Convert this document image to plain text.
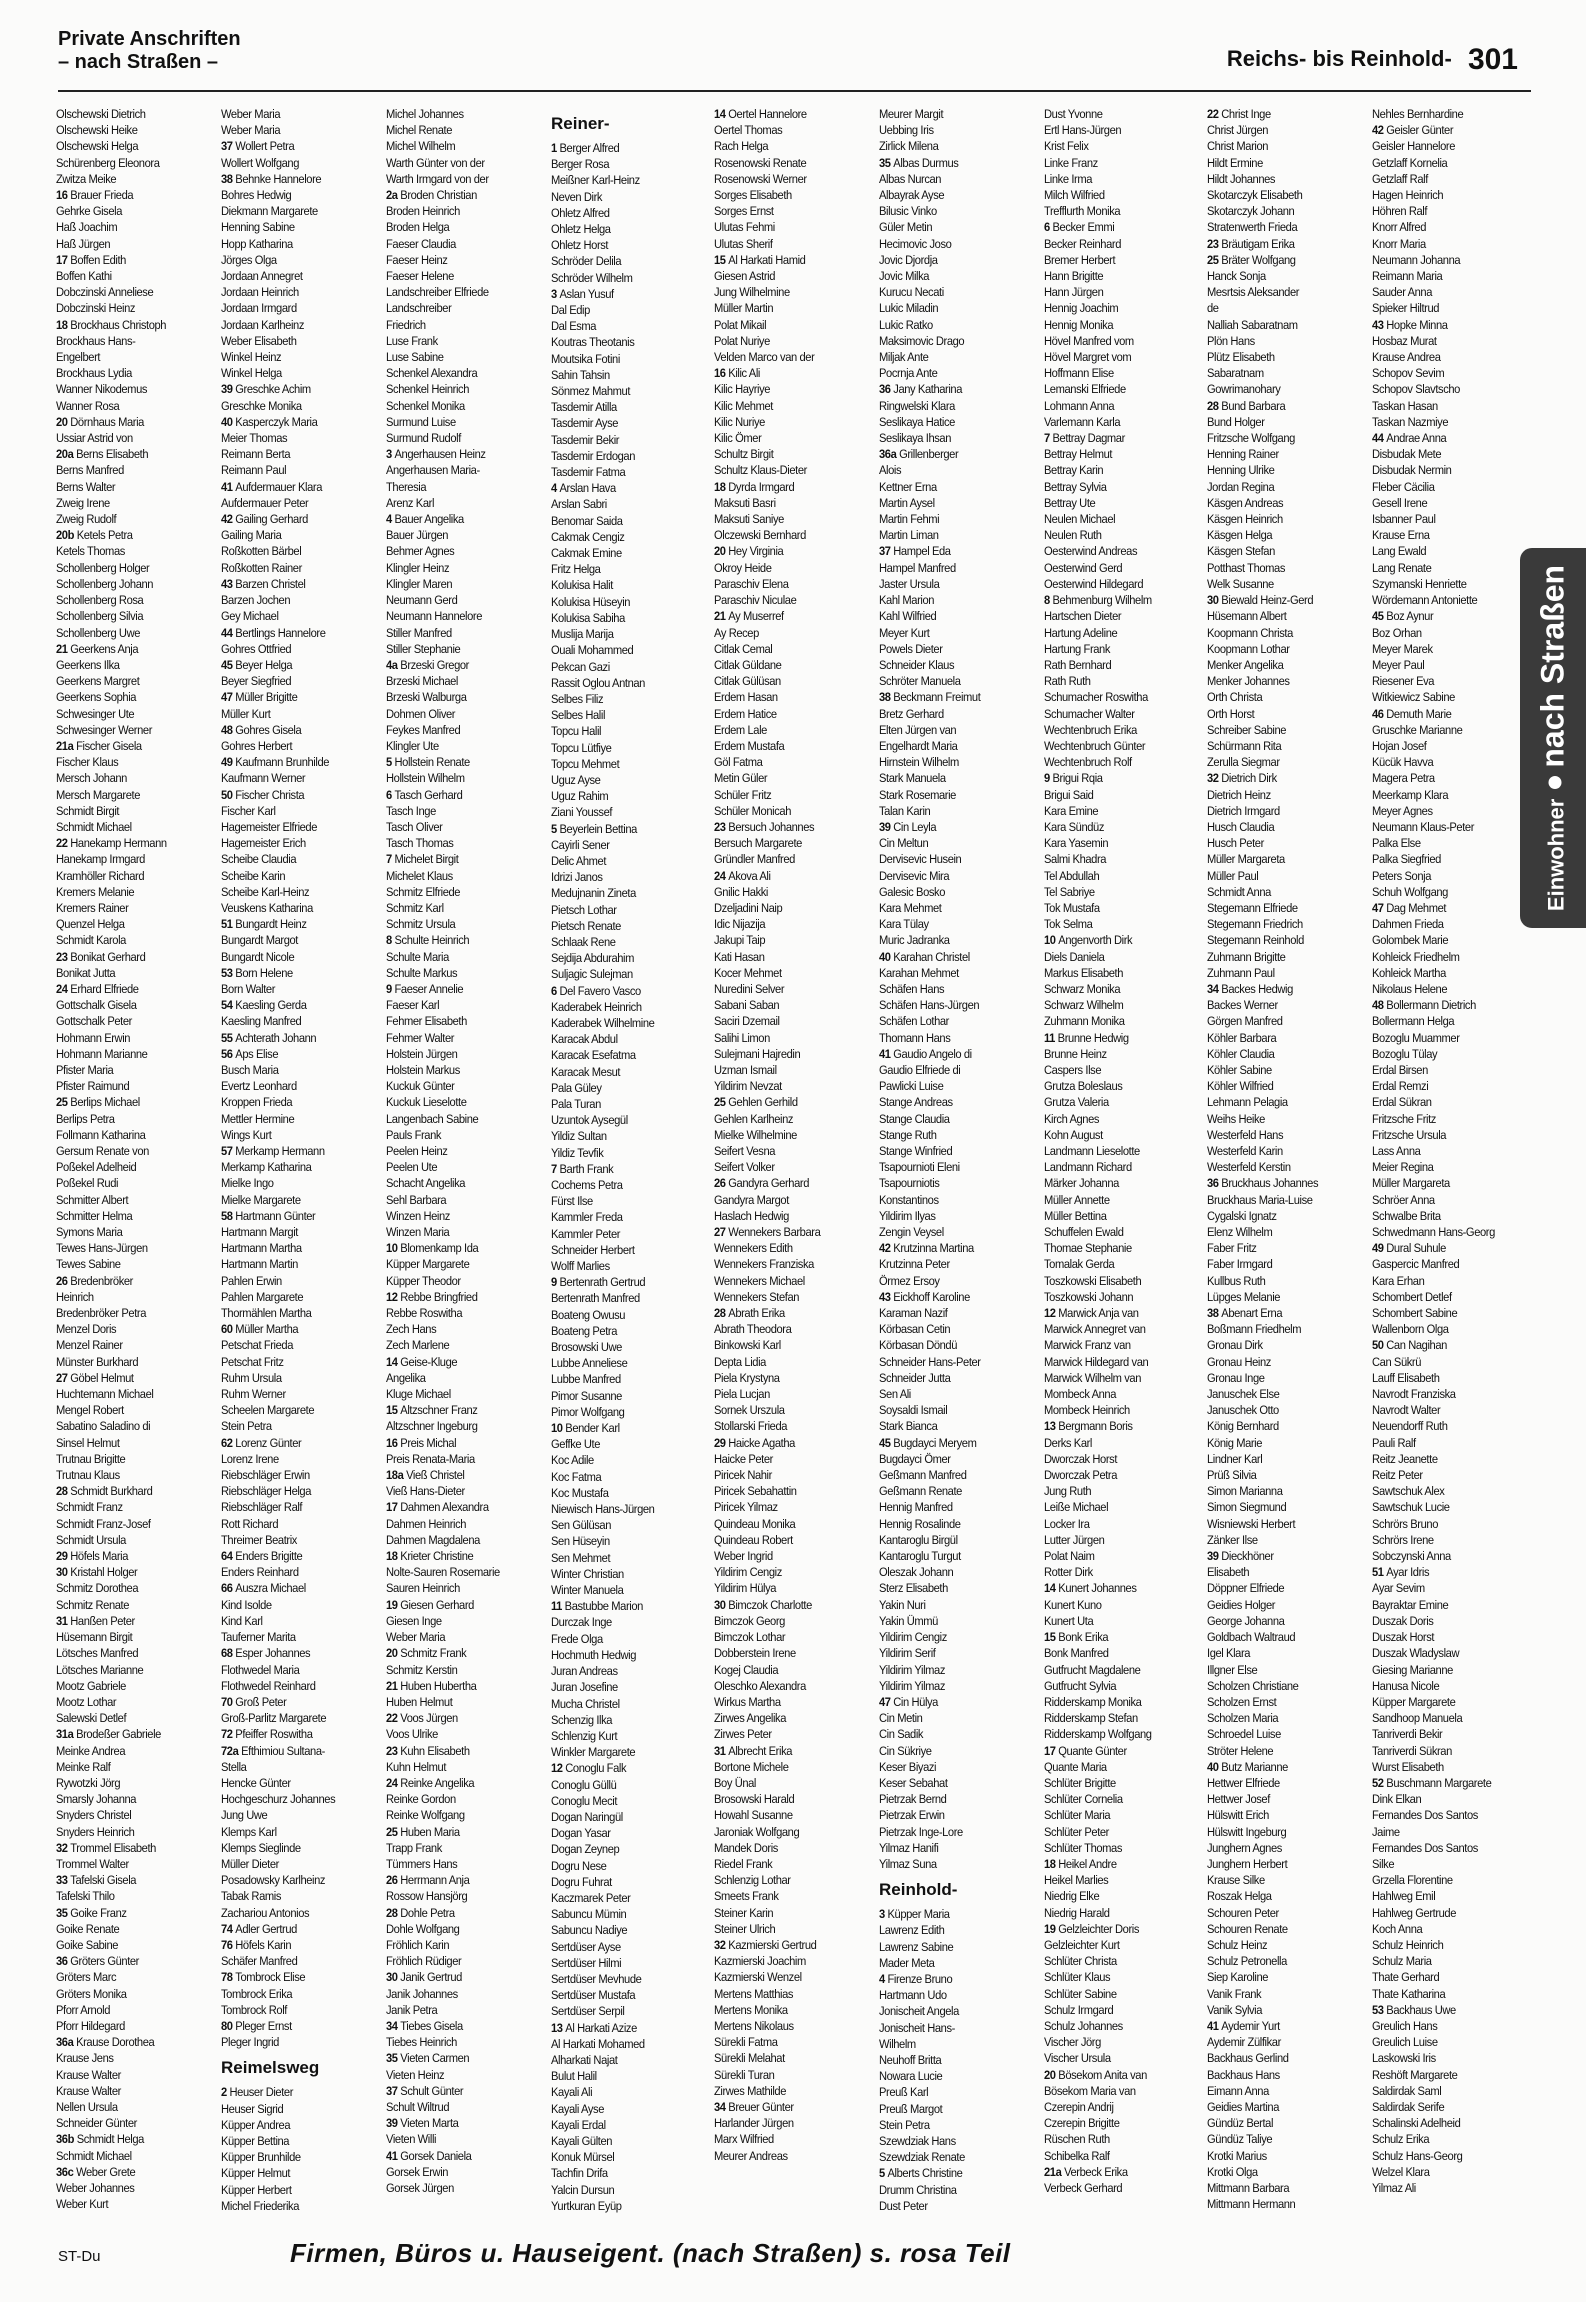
Private Anschriften
– nach Straßen –	Reichs- bis Reinhold- 301
Olschewski Dietrich
Olschewski Heike
Olschewski Helga
Schürenberg Eleonora
Zwitza Meike
16 Brauer Frieda
Gehrke Gisela
Haß Joachim
Haß Jürgen
17 Boffen Edith
Boffen Kathi
Dobczinski Anneliese
Dobczinski Heinz
18 Brockhaus Christoph
Brockhaus Hans-
Engelbert
Brockhaus Lydia
Wanner Nikodemus
Wanner Rosa
20 Dörnhaus Maria
Ussiar Astrid von
20a Berns Elisabeth
Berns Manfred
Berns Walter
Zweig Irene
Zweig Rudolf
20b Ketels Petra
Ketels Thomas
Schollenberg Holger
Schollenberg Johann
Schollenberg Rosa
Schollenberg Silvia
Schollenberg Uwe
21 Geerkens Anja
Geerkens Ilka
Geerkens Margret
Geerkens Sophia
Schwesinger Ute
Schwesinger Werner
21a Fischer Gisela
Fischer Klaus
Mersch Johann
Mersch Margarete
Schmidt Birgit
Schmidt Michael
22 Hanekamp Hermann
Hanekamp Irmgard
Kramhöller Richard
Kremers Melanie
Kremers Rainer
Quenzel Helga
Schmidt Karola
23 Bonikat Gerhard
Bonikat Jutta
24 Erhard Elfriede
Gottschalk Gisela
Gottschalk Peter
Hohmann Erwin
Hohmann Marianne
Pfister Maria
Pfister Raimund
25 Berlips Michael
Berlips Petra
Follmann Katharina
Gersum Renate von
Poßekel Adelheid
Poßekel Rudi
Schmitter Albert
Schmitter Helma
Symons Maria
Tewes Hans-Jürgen
Tewes Sabine
26 Bredenbröker
Heinrich
Bredenbröker Petra
Menzel Doris
Menzel Rainer
Münster Burkhard
27 Göbel Helmut
Huchtemann Michael
Mengel Robert
Sabatino Saladino di
Sinsel Helmut
Trutnau Brigitte
Trutnau Klaus
28 Schmidt Burkhard
Schmidt Franz
Schmidt Franz-Josef
Schmidt Ursula
29 Höfels Maria
30 Kristahl Holger
Schmitz Dorothea
Schmitz Renate
31 Hanßen Peter
Hüsemann Birgit
Lötsches Manfred
Lötsches Marianne
Mootz Gabriele
Mootz Lothar
Salewski Detlef
31a Brodeßer Gabriele
Meinke Andrea
Meinke Ralf
Rywotzki Jörg
Smarsly Johanna
Snyders Christel
Snyders Heinrich
32 Trommel Elisabeth
Trommel Walter
33 Tafelski Gisela
Tafelski Thilo
35 Goike Franz
Goike Renate
Goike Sabine
36 Gröters Günter
Gröters Marc
Gröters Monika
Pforr Arnold
Pforr Hildegard
36a Krause Dorothea
Krause Jens
Krause Walter
Krause Walter
Nellen Ursula
Schneider Günter
36b Schmidt Helga
Schmidt Michael
36c Weber Grete
Weber Johannes
Weber Kurt
Weber Maria
Weber Maria
37 Wollert Petra
Wollert Wolfgang
38 Behnke Hannelore
Bohres Hedwig
Diekmann Margarete
Henning Sabine
Hopp Katharina
Jörges Olga
Jordaan Annegret
Jordaan Heinrich
Jordaan Irmgard
Jordaan Karlheinz
Weber Elisabeth
Winkel Heinz
Winkel Helga
39 Greschke Achim
Greschke Monika
40 Kasperczyk Maria
Meier Thomas
Reimann Berta
Reimann Paul
41 Aufdermauer Klara
Aufdermauer Peter
42 Gailing Gerhard
Gailing Maria
Roßkotten Bärbel
Roßkotten Rainer
43 Barzen Christel
Barzen Jochen
Gey Michael
44 Bertlings Hannelore
Gohres Ottfried
45 Beyer Helga
Beyer Siegfried
47 Müller Brigitte
Müller Kurt
48 Gohres Gisela
Gohres Herbert
49 Kaufmann Brunhilde
Kaufmann Werner
50 Fischer Christa
Fischer Karl
Hagemeister Elfriede
Hagemeister Erich
Scheibe Claudia
Scheibe Karin
Scheibe Karl-Heinz
Veuskens Katharina
51 Bungardt Heinz
Bungardt Margot
Bungardt Nicole
53 Born Helene
Born Walter
54 Kaesling Gerda
Kaesling Manfred
55 Achterath Johann
56 Aps Elise
Busch Maria
Evertz Leonhard
Kroppen Frieda
Mettler Hermine
Wings Kurt
57 Merkamp Hermann
Merkamp Katharina
Mielke Ingo
Mielke Margarete
58 Hartmann Günter
Hartmann Margit
Hartmann Martha
Hartmann Martin
Pahlen Erwin
Pahlen Margarete
Thormählen Martha
60 Müller Martha
Petschat Frieda
Petschat Fritz
Ruhm Ursula
Ruhm Werner
Scheelen Margarete
Stein Petra
62 Lorenz Günter
Lorenz Irene
Riebschläger Erwin
Riebschläger Helga
Riebschläger Ralf
Rott Richard
Threimer Beatrix
64 Enders Brigitte
Enders Reinhard
66 Auszra Michael
Kind Isolde
Kind Karl
Tauferner Marita
68 Esper Johannes
Flothwedel Maria
Flothwedel Reinhard
70 Groß Peter
Groß-Parlitz Margarete
72 Pfeiffer Roswitha
72a Efthimiou Sultana-
Stella
Hencke Günter
Hochgeschurz Johannes
Jung Uwe
Klemps Karl
Klemps Sieglinde
Müller Dieter
Posadowsky Karlheinz
Tabak Ramis
Zachariou Antonios
74 Adler Gertrud
76 Höfels Karin
Schäfer Manfred
78 Tombrock Elise
Tombrock Erika
Tombrock Rolf
80 Pleger Ernst
Pleger Ingrid
Reimelsweg
2 Heuser Dieter
Heuser Sigrid
Küpper Andrea
Küpper Bettina
Küpper Brunhilde
Küpper Helmut
Küpper Herbert
Michel Friederika
Michel Johannes
Michel Renate
Michel Wilhelm
Warth Günter von der
Warth Irmgard von der
2a Broden Christian
Broden Heinrich
Broden Helga
Faeser Claudia
Faeser Heinz
Faeser Helene
Landschreiber Elfriede
Landschreiber
Friedrich
Luse Frank
Luse Sabine
Schenkel Alexandra
Schenkel Heinrich
Schenkel Monika
Surmund Luise
Surmund Rudolf
3 Angerhausen Heinz
Angerhausen Maria-
Theresia
Arenz Karl
4 Bauer Angelika
Bauer Jürgen
Behmer Agnes
Klingler Heinz
Klingler Maren
Neumann Gerd
Neumann Hannelore
Stiller Manfred
Stiller Stephanie
4a Brzeski Gregor
Brzeski Michael
Brzeski Walburga
Dohmen Oliver
Feykes Manfred
Klingler Ute
5 Hollstein Renate
Hollstein Wilhelm
6 Tasch Gerhard
Tasch Inge
Tasch Oliver
Tasch Thomas
7 Michelet Birgit
Michelet Klaus
Schmitz Elfriede
Schmitz Karl
Schmitz Ursula
8 Schulte Heinrich
Schulte Maria
Schulte Markus
9 Faeser Annelie
Faeser Karl
Fehmer Elisabeth
Fehmer Walter
Holstein Jürgen
Holstein Markus
Kuckuk Günter
Kuckuk Lieselotte
Langenbach Sabine
Pauls Frank
Peelen Heinz
Peelen Ute
Schacht Angelika
Sehl Barbara
Winzen Heinz
Winzen Maria
10 Blomenkamp Ida
Küpper Margarete
Küpper Theodor
12 Rebbe Bringfried
Rebbe Roswitha
Zech Hans
Zech Marlene
14 Geise-Kluge
Angelika
Kluge Michael
15 Altzschner Franz
Altzschner Ingeburg
16 Preis Michal
Preis Renata-Maria
18a Vieß Christel
Vieß Hans-Dieter
17 Dahmen Alexandra
Dahmen Heinrich
Dahmen Magdalena
18 Krieter Christine
Nolte-Sauren Rosemarie
Sauren Heinrich
19 Giesen Gerhard
Giesen Inge
Weber Maria
20 Schmitz Frank
Schmitz Kerstin
21 Huben Hubertha
Huben Helmut
22 Voos Jürgen
Voos Ulrike
23 Kuhn Elisabeth
Kuhn Helmut
24 Reinke Angelika
Reinke Gordon
Reinke Wolfgang
25 Huben Maria
Trapp Frank
Tümmers Hans
26 Herrmann Anja
Rossow Hansjörg
28 Dohle Petra
Dohle Wolfgang
Fröhlich Karin
Fröhlich Rüdiger
30 Janik Gertrud
Janik Johannes
Janik Petra
34 Tiebes Gisela
Tiebes Heinrich
35 Vieten Carmen
Vieten Heinz
37 Schult Günter
Schult Wiltrud
39 Vieten Marta
Vieten Willi
41 Gorsek Daniela
Gorsek Erwin
Gorsek Jürgen
Reiner-
1 Berger Alfred
Berger Rosa
Meißner Karl-Heinz
Neven Dirk
Ohletz Alfred
Ohletz Helga
Ohletz Horst
Schröder Delila
Schröder Wilhelm
3 Aslan Yusuf
Dal Edip
Dal Esma
Koutras Theotanis
Moutsika Fotini
Sahin Tahsin
Sönmez Mahmut
Tasdemir Atilla
Tasdemir Ayse
Tasdemir Bekir
Tasdemir Erdogan
Tasdemir Fatma
4 Arslan Hava
Arslan Sabri
Benomar Saida
Cakmak Cengiz
Cakmak Emine
Fritz Helga
Kolukisa Halit
Kolukisa Hüseyin
Kolukisa Sabiha
Muslija Marija
Ouali Mohammed
Pekcan Gazi
Rassit Oglou Antnan
Selbes Filiz
Selbes Halil
Topcu Halil
Topcu Lütfiye
Topcu Mehmet
Uguz Ayse
Uguz Rahim
Ziani Youssef
5 Beyerlein Bettina
Cayirli Sener
Delic Ahmet
Idrizi Janos
Medujnanin Zineta
Pietsch Lothar
Pietsch Renate
Schlaak Rene
Sejdija Abdurahim
Suljagic Sulejman
6 Del Favero Vasco
Kaderabek Heinrich
Kaderabek Wilhelmine
Karacak Abdul
Karacak Esefatma
Karacak Mesut
Pala Güley
Pala Turan
Uzuntok Aysegül
Yildiz Sultan
Yildiz Tevfik
7 Barth Frank
Cochems Petra
Fürst Ilse
Kammler Freda
Kammler Peter
Schneider Herbert
Wolff Marlies
9 Bertenrath Gertrud
Bertenrath Manfred
Boateng Owusu
Boateng Petra
Brosowski Uwe
Lubbe Anneliese
Lubbe Manfred
Pimor Susanne
Pimor Wolfgang
10 Bender Karl
Geffke Ute
Koc Adile
Koc Fatma
Koc Mustafa
Niewisch Hans-Jürgen
Sen Gülüsan
Sen Hüseyin
Sen Mehmet
Winter Christian
Winter Manuela
11 Bastubbe Marion
Durczak Inge
Frede Olga
Hochmuth Hedwig
Juran Andreas
Juran Josefine
Mucha Christel
Schenzig Ilka
Schlenzig Kurt
Winkler Margarete
12 Conoglu Falk
Conoglu Güllü
Conoglu Mecit
Dogan Naringül
Dogan Yasar
Dogan Zeynep
Dogru Nese
Dogru Fuhrat
Kaczmarek Peter
Sabuncu Mümin
Sabuncu Nadiye
Sertdüser Ayse
Sertdüser Hilmi
Sertdüser Mevhude
Sertdüser Mustafa
Sertdüser Serpil
13 Al Harkati Azize
Al Harkati Mohamed
Alharkati Najat
Bulut Halil
Kayali Ali
Kayali Ayse
Kayali Erdal
Kayali Gülten
Konuk Mürsel
Tachfin Drifa
Yalcin Dursun
Yurtkuran Eyüp
14 Oertel Hannelore
Oertel Thomas
Rach Helga
Rosenowski Renate
Rosenowski Werner
Sorges Elisabeth
Sorges Ernst
Ulutas Fehmi
Ulutas Sherif
15 Al Harkati Hamid
Giesen Astrid
Jung Wilhelmine
Müller Martin
Polat Mikail
Polat Nuriye
Velden Marco van der
16 Kilic Ali
Kilic Hayriye
Kilic Mehmet
Kilic Nuriye
Kilic Ömer
Schultz Birgit
Schultz Klaus-Dieter
18 Dyrda Irmgard
Maksuti Basri
Maksuti Saniye
Olczewski Bernhard
20 Hey Virginia
Okroy Heide
Paraschiv Elena
Paraschiv Niculae
21 Ay Muserref
Ay Recep
Citlak Cemal
Citlak Güldane
Citlak Gülüsan
Erdem Hasan
Erdem Hatice
Erdem Lale
Erdem Mustafa
Göl Fatma
Metin Güler
Schüler Fritz
Schüler Monicah
23 Bersuch Johannes
Bersuch Margarete
Gründler Manfred
24 Akova Ali
Gnilic Hakki
Dzeljadini Naip
Idic Nijazija
Jakupi Taip
Kati Hasan
Kocer Mehmet
Nuredini Selver
Sabani Saban
Saciri Dzemail
Salihi Limon
Sulejmani Hajredin
Uzman Ismail
Yildirim Nevzat
25 Gehlen Gerhild
Gehlen Karlheinz
Mielke Wilhelmine
Seifert Vesna
Seifert Volker
26 Gandyra Gerhard
Gandyra Margot
Haslach Hedwig
27 Wennekers Barbara
Wennekers Edith
Wennekers Franziska
Wennekers Michael
Wennekers Stefan
28 Abrath Erika
Abrath Theodora
Binkowski Karl
Depta Lidia
Piela Krystyna
Piela Lucjan
Sornek Urszula
Stollarski Frieda
29 Haicke Agatha
Haicke Peter
Piricek Nahir
Piricek Sebahattin
Piricek Yilmaz
Quindeau Monika
Quindeau Robert
Weber Ingrid
Yildirim Cengiz
Yildirim Hülya
30 Bimczok Charlotte
Bimczok Georg
Bimczok Lothar
Dobberstein Irene
Kogej Claudia
Oleschko Alexandra
Wirkus Martha
Zirwes Angelika
Zirwes Peter
31 Albrecht Erika
Bortone Michele
Boy Ünal
Brosowski Harald
Howahl Susanne
Jaroniak Wolfgang
Mandek Doris
Riedel Frank
Schlenzig Lothar
Smeets Frank
Steiner Karin
Steiner Ulrich
32 Kazmierski Gertrud
Kazmierski Joachim
Kazmierski Wenzel
Mertens Matthias
Mertens Monika
Mertens Nikolaus
Sürekli Fatma
Sürekli Melahat
Sürekli Turan
Zirwes Mathilde
34 Breuer Günter
Harlander Jürgen
Marx Wilfried
Meurer Andreas
Meurer Margit
Uebbing Iris
Zirlick Milena
35 Albas Durmus
Albas Nurcan
Albayrak Ayse
Bilusic Vinko
Güler Metin
Hecimovic Joso
Jovic Djordja
Jovic Milka
Kurucu Necati
Lukic Miladin
Lukic Ratko
Maksimovic Drago
Miljak Ante
Pocrnja Ante
36 Jany Katharina
Ringwelski Klara
Seslikaya Hatice
Seslikaya Ihsan
36a Grillenberger
Alois
Kettner Erna
Martin Aysel
Martin Fehmi
Martin Liman
37 Hampel Eda
Hampel Manfred
Jaster Ursula
Kahl Marion
Kahl Wilfried
Meyer Kurt
Powels Dieter
Schneider Klaus
Schröter Manuela
38 Beckmann Freimut
Bretz Gerhard
Elten Jürgen van
Engelhardt Maria
Hirnstein Wilhelm
Stark Manuela
Stark Rosemarie
Talan Karin
39 Cin Leyla
Cin Meltun
Dervisevic Husein
Dervisevic Mira
Galesic Bosko
Kara Mehmet
Kara Tülay
Muric Jadranka
40 Karahan Christel
Karahan Mehmet
Schäfen Hans
Schäfen Hans-Jürgen
Schäfen Lothar
Thomann Hans
41 Gaudio Angelo di
Gaudio Elfriede di
Pawlicki Luise
Stange Andreas
Stange Claudia
Stange Ruth
Stange Winfried
Tsapournioti Eleni
Tsapourniotis
Konstantinos
Yildirim Ilyas
Zengin Veysel
42 Krutzinna Martina
Krutzinna Peter
Örmez Ersoy
43 Eickhoff Karoline
Karaman Nazif
Körbasan Cetin
Körbasan Döndü
Schneider Hans-Peter
Schneider Jutta
Sen Ali
Soysaldi Ismail
Stark Bianca
45 Bugdayci Meryem
Bugdayci Ömer
Geßmann Manfred
Geßmann Renate
Hennig Manfred
Hennig Rosalinde
Kantaroglu Birgül
Kantaroglu Turgut
Oleszak Johann
Sterz Elisabeth
Yakin Nuri
Yakin Ümmü
Yildirim Cengiz
Yildirim Serif
Yildirim Yilmaz
Yildirim Yilmaz
47 Cin Hülya
Cin Metin
Cin Sadik
Cin Sükriye
Keser Biyazi
Keser Sebahat
Pietrzak Bernd
Pietrzak Erwin
Pietrzak Inge-Lore
Yilmaz Hanifi
Yilmaz Suna
Reinhold-
3 Küpper Maria
Lawrenz Edith
Lawrenz Sabine
Mader Meta
4 Firenze Bruno
Hartmann Udo
Jonischeit Angela
Jonischeit Hans-
Wilhelm
Neuhoff Britta
Nowara Lucie
Preuß Karl
Preuß Margot
Stein Petra
Szewdziak Hans
Szewdziak Renate
5 Alberts Christine
Drumm Christina
Dust Peter
Dust Yvonne
Ertl Hans-Jürgen
Krist Felix
Linke Franz
Linke Irma
Milch Wilfried
Trefflurth Monika
6 Becker Emmi
Becker Reinhard
Bremer Herbert
Hann Brigitte
Hann Jürgen
Hennig Joachim
Hennig Monika
Hövel Manfred vom
Hövel Margret vom
Hoffmann Elise
Lemanski Elfriede
Lohmann Anna
Varlemann Karla
7 Bettray Dagmar
Bettray Helmut
Bettray Karin
Bettray Sylvia
Bettray Ute
Neulen Michael
Neulen Ruth
Oesterwind Andreas
Oesterwind Gerd
Oesterwind Hildegard
8 Behmenburg Wilhelm
Hartschen Dieter
Hartung Adeline
Hartung Frank
Rath Bernhard
Rath Ruth
Schumacher Roswitha
Schumacher Walter
Wechtenbruch Erika
Wechtenbruch Günter
Wechtenbruch Rolf
9 Brigui Rqia
Brigui Said
Kara Emine
Kara Sündüz
Kara Yasemin
Salmi Khadra
Tel Abdullah
Tel Sabriye
Tok Mustafa
Tok Selma
10 Angenvorth Dirk
Diels Daniela
Markus Elisabeth
Schwarz Monika
Schwarz Wilhelm
Zuhmann Monika
11 Brunne Hedwig
Brunne Heinz
Caspers Ilse
Grutza Boleslaus
Grutza Valeria
Kirch Agnes
Kohn August
Landmann Lieselotte
Landmann Richard
Märker Johanna
Müller Annette
Müller Bettina
Schuffelen Ewald
Thomae Stephanie
Tomalak Gerda
Toszkowski Elisabeth
Toszkowski Johann
12 Marwick Anja van
Marwick Annegret van
Marwick Franz van
Marwick Hildegard van
Marwick Wilhelm van
Mombeck Anna
Mombeck Heinrich
13 Bergmann Boris
Derks Karl
Dworczak Horst
Dworczak Petra
Jung Ruth
Leiße Michael
Locker Ira
Lutter Jürgen
Polat Naim
Rotter Dirk
14 Kunert Johannes
Kunert Kuno
Kunert Uta
15 Bonk Erika
Bonk Manfred
Gutfrucht Magdalene
Gutfrucht Sylvia
Ridderskamp Monika
Ridderskamp Stefan
Ridderskamp Wolfgang
17 Quante Günter
Quante Maria
Schlüter Brigitte
Schlüter Cornelia
Schlüter Maria
Schlüter Peter
Schlüter Thomas
18 Heikel Andre
Heikel Marlies
Niedrig Elke
Niedrig Harald
19 Gelzleichter Doris
Gelzleichter Kurt
Schlüter Christa
Schlüter Klaus
Schlüter Sabine
Schulz Irmgard
Schulz Johannes
Vischer Jörg
Vischer Ursula
20 Bösekom Anita van
Bösekom Maria van
Czerepin Andrij
Czerepin Brigitte
Rüschen Ruth
Schibelka Ralf
21a Verbeck Erika
Verbeck Gerhard
22 Christ Inge
Christ Jürgen
Christ Marion
Hildt Ermine
Hildt Johannes
Skotarczyk Elisabeth
Skotarczyk Johann
Stratenwerth Frieda
23 Bräutigam Erika
25 Bräter Wolfgang
Hanck Sonja
Mesrtsis Aleksander
de
Nalliah Sabaratnam
Plön Hans
Plütz Elisabeth
Sabaratnam
Gowrimanohary
28 Bund Barbara
Bund Holger
Fritzsche Wolfgang
Henning Rainer
Henning Ulrike
Jordan Regina
Käsgen Andreas
Käsgen Heinrich
Käsgen Helga
Käsgen Stefan
Potthast Thomas
Welk Susanne
30 Biewald Heinz-Gerd
Hüsemann Albert
Koopmann Christa
Koopmann Lothar
Menker Angelika
Menker Johannes
Orth Christa
Orth Horst
Schreiber Sabine
Schürmann Rita
Zerulla Siegmar
32 Dietrich Dirk
Dietrich Heinz
Dietrich Irmgard
Husch Claudia
Husch Peter
Müller Margareta
Müller Paul
Schmidt Anna
Stegemann Elfriede
Stegemann Friedrich
Stegemann Reinhold
Zuhmann Brigitte
Zuhmann Paul
34 Backes Hedwig
Backes Werner
Görgen Manfred
Köhler Barbara
Köhler Claudia
Köhler Sabine
Köhler Wilfried
Lehmann Pelagia
Weihs Heike
Westerfeld Hans
Westerfeld Karin
Westerfeld Kerstin
36 Bruckhaus Johannes
Bruckhaus Maria-Luise
Cygalski Ignatz
Elenz Wilhelm
Faber Fritz
Faber Irmgard
Kullbus Ruth
Lüpges Melanie
38 Abenart Erna
Boßmann Friedhelm
Gronau Dirk
Gronau Heinz
Gronau Inge
Januschek Else
Januschek Otto
König Bernhard
König Marie
Lindner Karl
Prüß Silvia
Simon Marianna
Simon Siegmund
Wisniewski Herbert
Zänker Ilse
39 Dieckhöner
Elisabeth
Döppner Elfriede
Geidies Holger
George Johanna
Goldbach Waltraud
Igel Klara
Illgner Else
Scholzen Christiane
Scholzen Ernst
Scholzen Maria
Schroedel Luise
Ströter Helene
40 Butz Marianne
Hettwer Elfriede
Hettwer Josef
Hülswitt Erich
Hülswitt Ingeburg
Junghern Agnes
Junghern Herbert
Krause Silke
Roszak Helga
Schouren Peter
Schouren Renate
Schulz Heinz
Schulz Petronella
Siep Karoline
Vanik Frank
Vanik Sylvia
41 Aydemir Yurt
Aydemir Zülfikar
Backhaus Gerlind
Backhaus Hans
Eimann Anna
Geidies Martina
Gündüz Bertal
Gündüz Taliye
Krotki Marius
Krotki Olga
Mittmann Barbara
Mittmann Hermann
Nehles Bernhardine
42 Geisler Günter
Geisler Hannelore
Getzlaff Kornelia
Getzlaff Ralf
Hagen Heinrich
Höhren Ralf
Knorr Alfred
Knorr Maria
Neumann Johanna
Reimann Maria
Sauder Anna
Spieker Hiltrud
43 Hopke Minna
Hosbaz Murat
Krause Andrea
Schopov Sevim
Schopov Slavtscho
Taskan Hasan
Taskan Nazmiye
44 Andrae Anna
Disbudak Mete
Disbudak Nermin
Fleber Cäcilia
Gesell Irene
Isbanner Paul
Krause Erna
Lang Ewald
Lang Renate
Szymanski Henriette
Wördemann Antoniette
45 Boz Aynur
Boz Orhan
Meyer Marek
Meyer Paul
Riesener Eva
Witkiewicz Sabine
46 Demuth Marie
Gruschke Marianne
Hojan Josef
Kücük Havva
Magera Petra
Meerkamp Klara
Meyer Agnes
Neumann Klaus-Peter
Palka Else
Palka Siegfried
Peters Sonja
Schuh Wolfgang
47 Dag Mehmet
Dahmen Frieda
Golombek Marie
Kohleick Friedhelm
Kohleick Martha
Nikolaus Helene
48 Bollermann Dietrich
Bollermann Helga
Bozoglu Muammer
Bozoglu Tülay
Erdal Birsen
Erdal Remzi
Erdal Sükran
Fritzsche Fritz
Fritzsche Ursula
Lass Anna
Meier Regina
Müller Margareta
Schröer Anna
Schwalbe Brita
Schwedmann Hans-Georg
49 Dural Suhule
Gaspercic Manfred
Kara Erhan
Schombert Detlef
Schombert Sabine
Wallenborn Olga
50 Can Nagihan
Can Sükrü
Lauff Elisabeth
Navrodt Franziska
Navrodt Walter
Neuendorff Ruth
Pauli Ralf
Reitz Jeanette
Reitz Peter
Sawtschuk Alex
Sawtschuk Lucie
Schrörs Bruno
Schrörs Irene
Sobczynski Anna
51 Ayar Idris
Ayar Sevim
Bayraktar Emine
Duszak Doris
Duszak Horst
Duszak Wladyslaw
Giesing Marianne
Hanusa Nicole
Küpper Margarete
Sandhoop Manuela
Tanriverdi Bekir
Tanriverdi Sükran
Wurst Elisabeth
52 Buschmann Margarete
Dink Elkan
Fernandes Dos Santos
Jaime
Fernandes Dos Santos
Silke
Grzella Florentine
Hahlweg Emil
Hahlweg Gertrude
Koch Anna
Schulz Heinrich
Schulz Maria
Thate Gerhard
Thate Katharina
53 Backhaus Uwe
Greulich Hans
Greulich Luise
Laskowski Iris
Reshöft Margarete
Saldirdak Saml
Saldirdak Serife
Schalinski Adelheid
Schulz Erika
Schulz Hans-Georg
Welzel Klara
Yilmaz Ali
Einwohnernach Straßen
ST-Du	Firmen, Büros u. Hauseigent. (nach Straßen) s. rosa Teil
